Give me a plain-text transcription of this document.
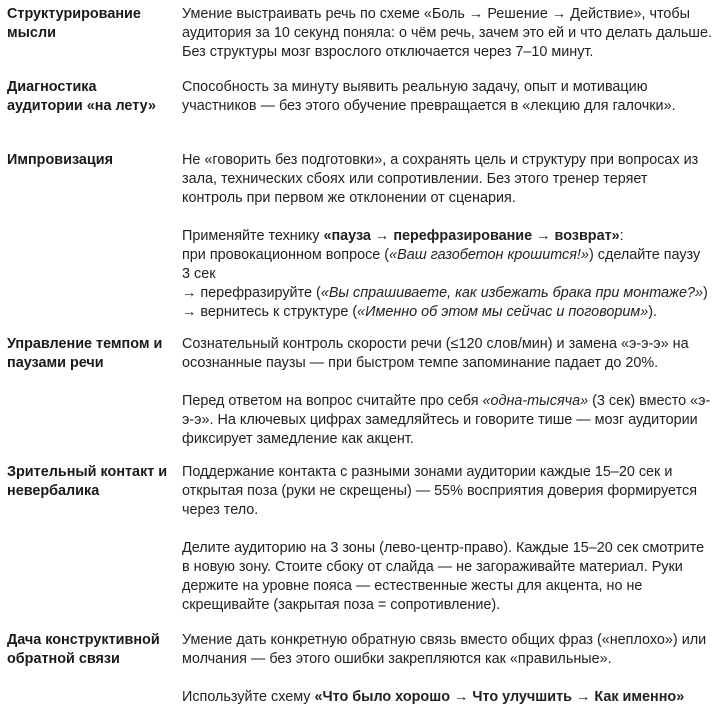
Структурирование мысли

Умение выстраивать речь по схеме «Боль → Решение → Действие», чтобы аудитория за 10 секунд поняла: о чём речь, зачем это ей и что делать дальше. Без структуры мозг взрослого отключается через 7–10 минут.

Диагностика аудитории «на лету»

Способность за минуту выявить реальную задачу, опыт и мотивацию участников — без этого обучение превращается в «лекцию для галочки».

Импровизация	Не «говорить без подготовки», а сохранять цель и структуру при вопросах из зала, технических сбоях или сопротивлении. Без этого тренер теряет контроль при первом же отклонении от сценария.

Применяйте технику «пауза → перефразирование → возврат»:
при провокационном вопросе («Ваш газобетон крошится!») сделайте паузу 3 сек
→ перефразируйте («Вы спрашиваете, как избежать брака при монтаже?»)
→ вернитесь к структуре («Именно об этом мы сейчас и поговорим»).

Управление темпом и паузами речи

Сознательный контроль скорости речи (≤120 слов/мин) и замена «э-э-э» на осознанные паузы — при быстром темпе запоминание падает до 20%.

Перед ответом на вопрос считайте про себя «одна-тысяча» (3 сек) вместо «э-э-э». На ключевых цифрах замедляйтесь и говорите тише — мозг аудитории фиксирует замедление как акцент.

Зрительный контакт и невербалика

Поддержание контакта с разными зонами аудитории каждые 15–20 сек и открытая поза (руки не скрещены) — 55% восприятия доверия формируется через тело.

Делите аудиторию на 3 зоны (лево-центр-право). Каждые 15–20 сек смотрите в новую зону. Стоите сбоку от слайда — не загораживайте материал. Руки держите на уровне пояса — естественные жесты для акцента, но не скрещивайте (закрытая поза = сопротивление).

Дача конструктивной обратной связи

Умение дать конкретную обратную связь вместо общих фраз («неплохо») или молчания — без этого ошибки закрепляются как «правильные».

Используйте схему «Что было хорошо → Что улучшить → Как именно»
